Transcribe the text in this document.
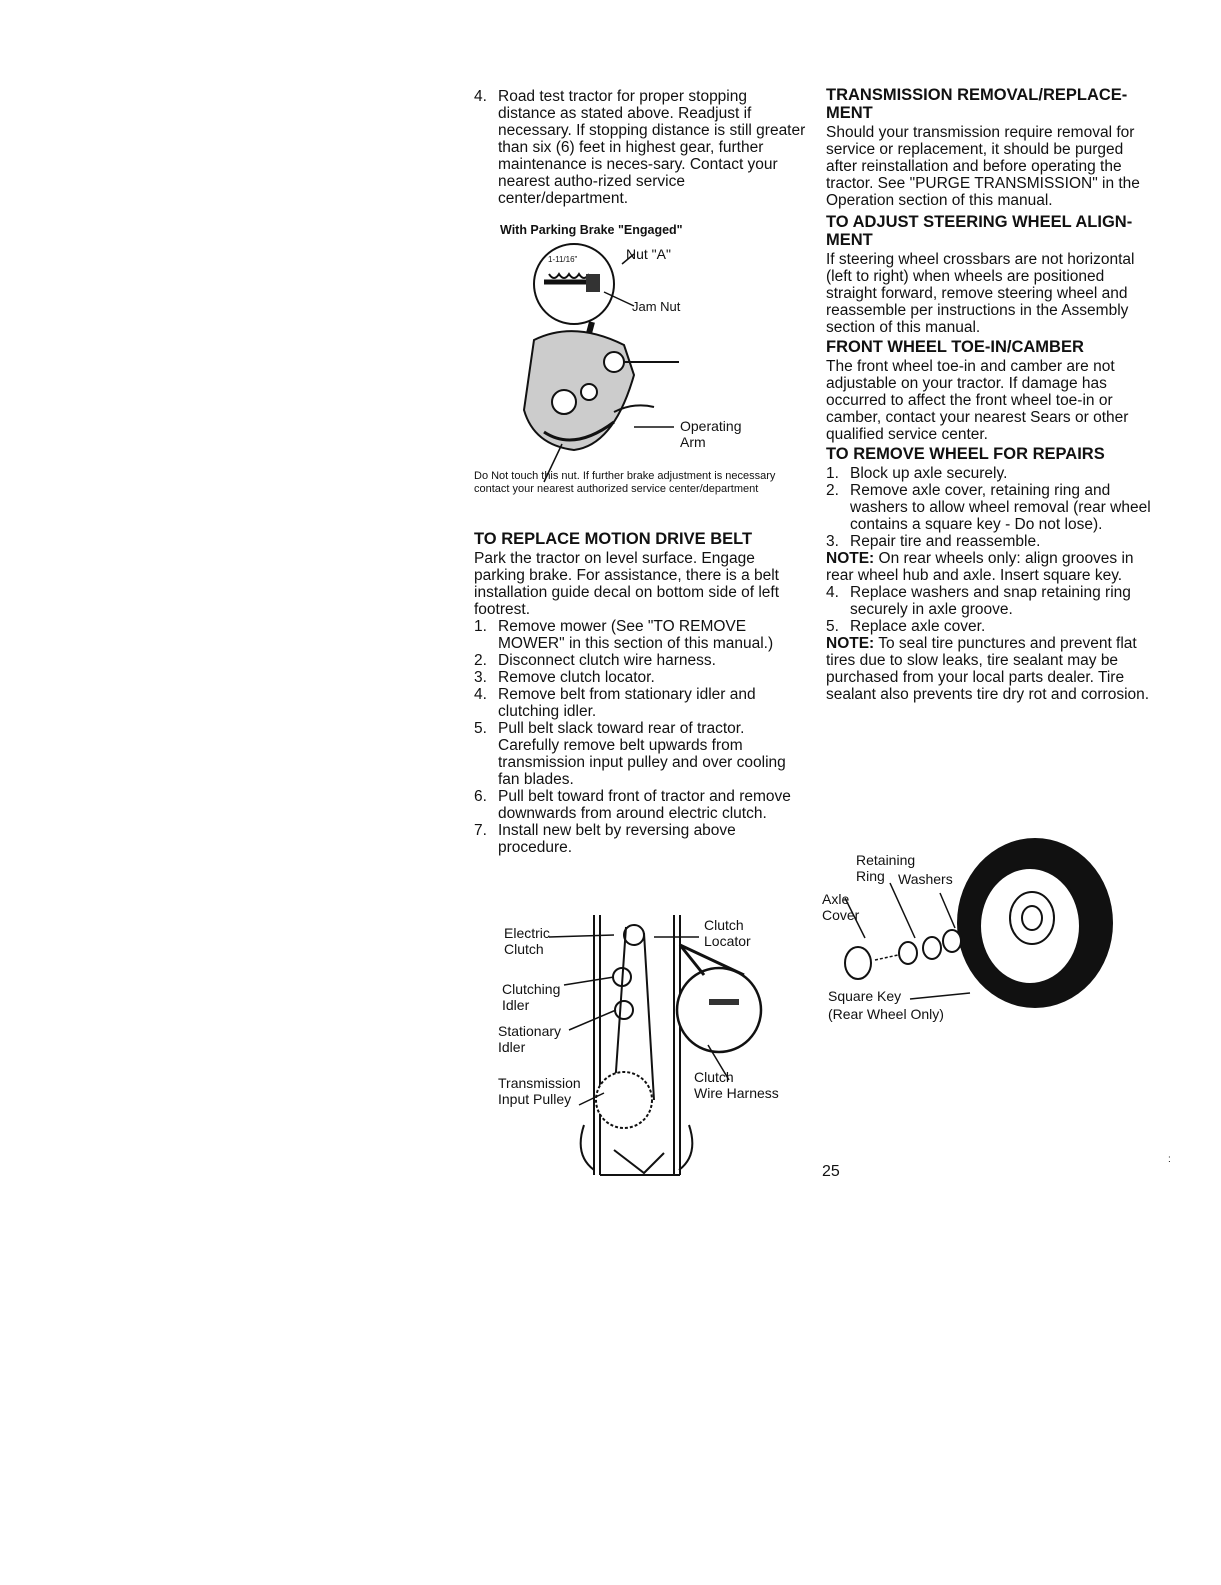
4. Road test tractor for proper stopping distance as stated above. Readjust if necessary. If stopping distance is still greater than six (6) feet in highest gear, further maintenance is neces-sary. Contact your nearest autho-rized service center/department.
With Parking Brake "Engaged"
1-11/16"	Nut "A"
Jam Nut
Operating
Arm
Do Not touch this nut. If further brake adjustment is necessary contact your nearest authorized service center/department
TO REPLACE MOTION DRIVE BELT

Park the tractor on level surface. Engage parking brake. For assistance, there is a belt installation guide decal on bottom side of left footrest.

1. Remove mower (See "TO REMOVE MOWER" in this section of this manual.)
2. Disconnect clutch wire harness.
3. Remove clutch locator.
4. Remove belt from stationary idler and clutching idler.
5. Pull belt slack toward rear of tractor. Carefully remove belt upwards from transmission input pulley and over cooling fan blades.
6. Pull belt toward front of tractor and remove downwards from around electric clutch.
7. Install new belt by reversing above procedure.
Electric
Clutch
Clutching
Idler
Stationary
Idler
Transmission
Input Pulley
Clutch
Locator
Clutch
Wire Harness
TRANSMISSION REMOVAL/REPLACE-MENT

Should your transmission require removal for service or replacement, it should be purged after reinstallation and before operating the tractor. See "PURGE TRANSMISSION" in the Operation section of this manual.

TO ADJUST STEERING WHEEL ALIGN-MENT

If steering wheel crossbars are not horizontal (left to right) when wheels are positioned straight forward, remove steering wheel and reassemble per instructions in the Assembly section of this manual.

FRONT WHEEL TOE-IN/CAMBER

The front wheel toe-in and camber are not adjustable on your tractor. If damage has occurred to affect the front wheel toe-in or camber, contact your nearest Sears or other qualified service center.

TO REMOVE WHEEL FOR REPAIRS
1. Block up axle securely.
2. Remove axle cover, retaining ring and washers to allow wheel removal (rear wheel contains a square key - Do not lose).
3. Repair tire and reassemble.

NOTE: On rear wheels only: align grooves in rear wheel hub and axle. Insert square key.

4. Replace washers and snap retaining ring securely in axle groove.
5. Replace axle cover.

NOTE: To seal tire punctures and prevent flat tires due to slow leaks, tire sealant may be purchased from your local parts dealer. Tire sealant also prevents tire dry rot and corrosion.

Retaining
Ring Washers
Axle
Cover
Square Key
(Rear Wheel Only)
25
:
